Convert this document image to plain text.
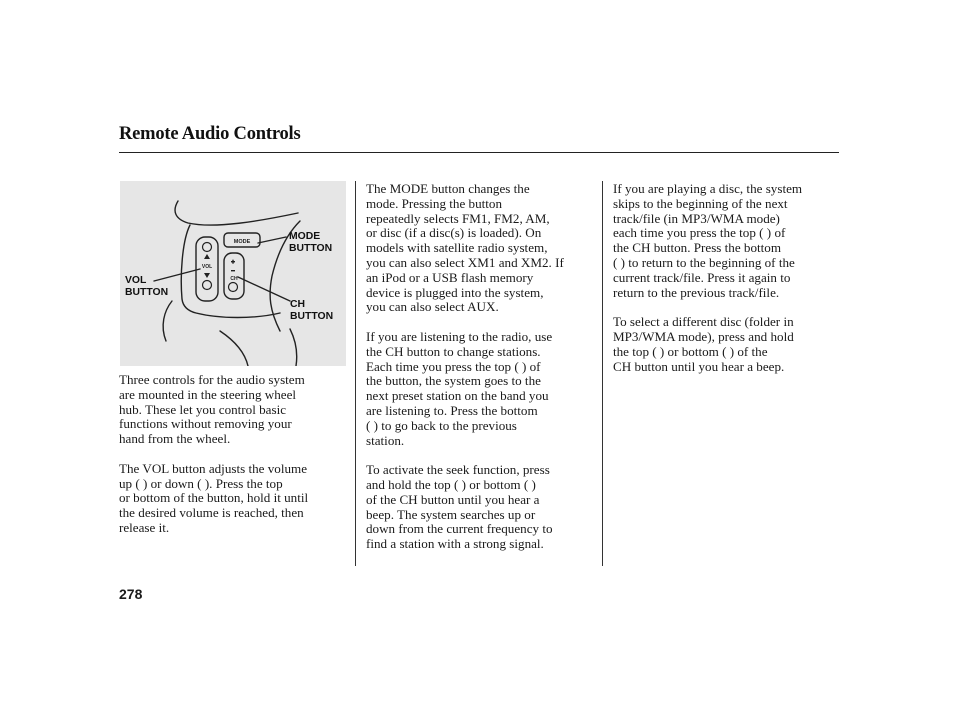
Remote Audio Controls
MODE
VOL
CH
MODE
BUTTON
VOL
BUTTON
CH
BUTTON

Three controls for the audio system
are mounted in the steering wheel
hub. These let you control basic
functions without removing your
hand from the wheel.

The VOL button adjusts the volume
up ( ) or down ( ). Press the top
or bottom of the button, hold it until
the desired volume is reached, then
release it.

The MODE button changes the
mode. Pressing the button
repeatedly selects FM1, FM2, AM,
or disc (if a disc(s) is loaded). On
models with satellite radio system,
you can also select XM1 and XM2. If
an iPod or a USB flash memory
device is plugged into the system,
you can also select AUX.

If you are listening to the radio, use
the CH button to change stations.
Each time you press the top ( ) of
the button, the system goes to the
next preset station on the band you
are listening to. Press the bottom
( ) to go back to the previous
station.

To activate the seek function, press
and hold the top ( ) or bottom ( )
of the CH button until you hear a
beep. The system searches up or
down from the current frequency to
find a station with a strong signal.

If you are playing a disc, the system
skips to the beginning of the next
track/file (in MP3/WMA mode)
each time you press the top ( ) of
the CH button. Press the bottom
( ) to return to the beginning of the
current track/file. Press it again to
return to the previous track/file.

To select a different disc (folder in
MP3/WMA mode), press and hold
the top ( ) or bottom ( ) of the
CH button until you hear a beep.

278
